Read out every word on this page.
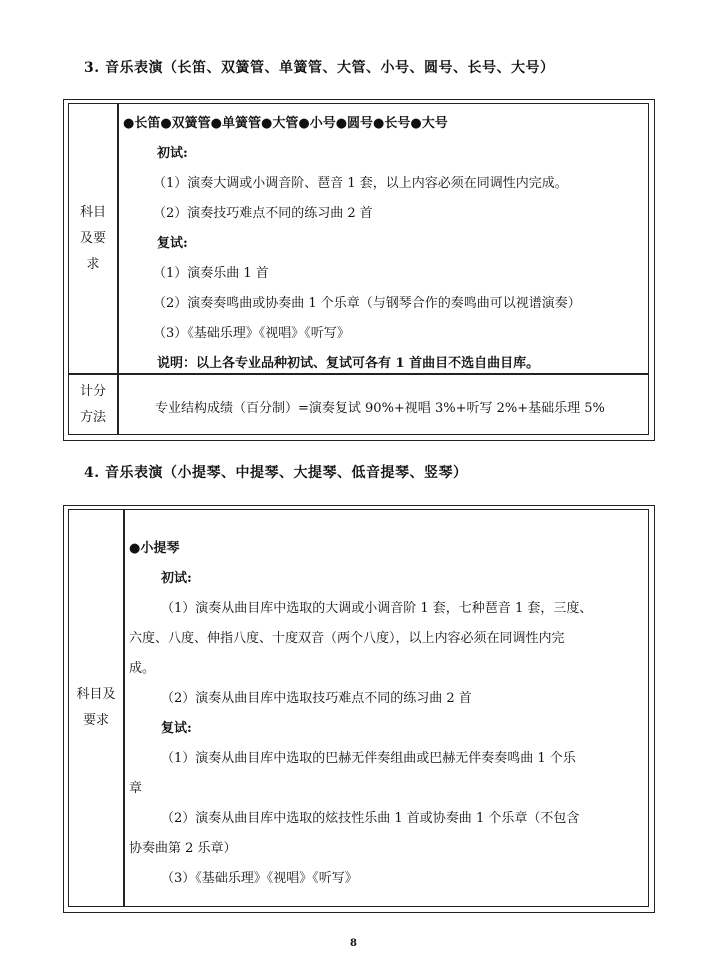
3. 音乐表演（长笛、双簧管、单簧管、大管、小号、圆号、长号、大号）
科目及要求
●长笛●双簧管●单簧管●大管●小号●圆号●长号●大号
初试:
（1）演奏大调或小调音阶、琶音 1 套，以上内容必须在同调性内完成。
（2）演奏技巧难点不同的练习曲 2 首
复试:
（1）演奏乐曲 1 首
（2）演奏奏鸣曲或协奏曲 1 个乐章（与钢琴合作的奏鸣曲可以视谱演奏）
（3）《基础乐理》《视唱》《听写》
说明：以上各专业品种初试、复试可各有 1 首曲目不选自曲目库。
计分方法
专业结构成绩（百分制）=演奏复试 90%+视唱 3%+听写 2%+基础乐理 5%
4. 音乐表演（小提琴、中提琴、大提琴、低音提琴、竖琴）
科目及要求
●小提琴
初试:
（1）演奏从曲目库中选取的大调或小调音阶 1 套，七种琶音 1 套，三度、
六度、八度、伸指八度、十度双音（两个八度），以上内容必须在同调性内完
成。
（2）演奏从曲目库中选取技巧难点不同的练习曲 2 首
复试:
（1）演奏从曲目库中选取的巴赫无伴奏组曲或巴赫无伴奏奏鸣曲 1 个乐
章
（2）演奏从曲目库中选取的炫技性乐曲 1 首或协奏曲 1 个乐章（不包含
协奏曲第 2 乐章）
（3）《基础乐理》《视唱》《听写》
8
